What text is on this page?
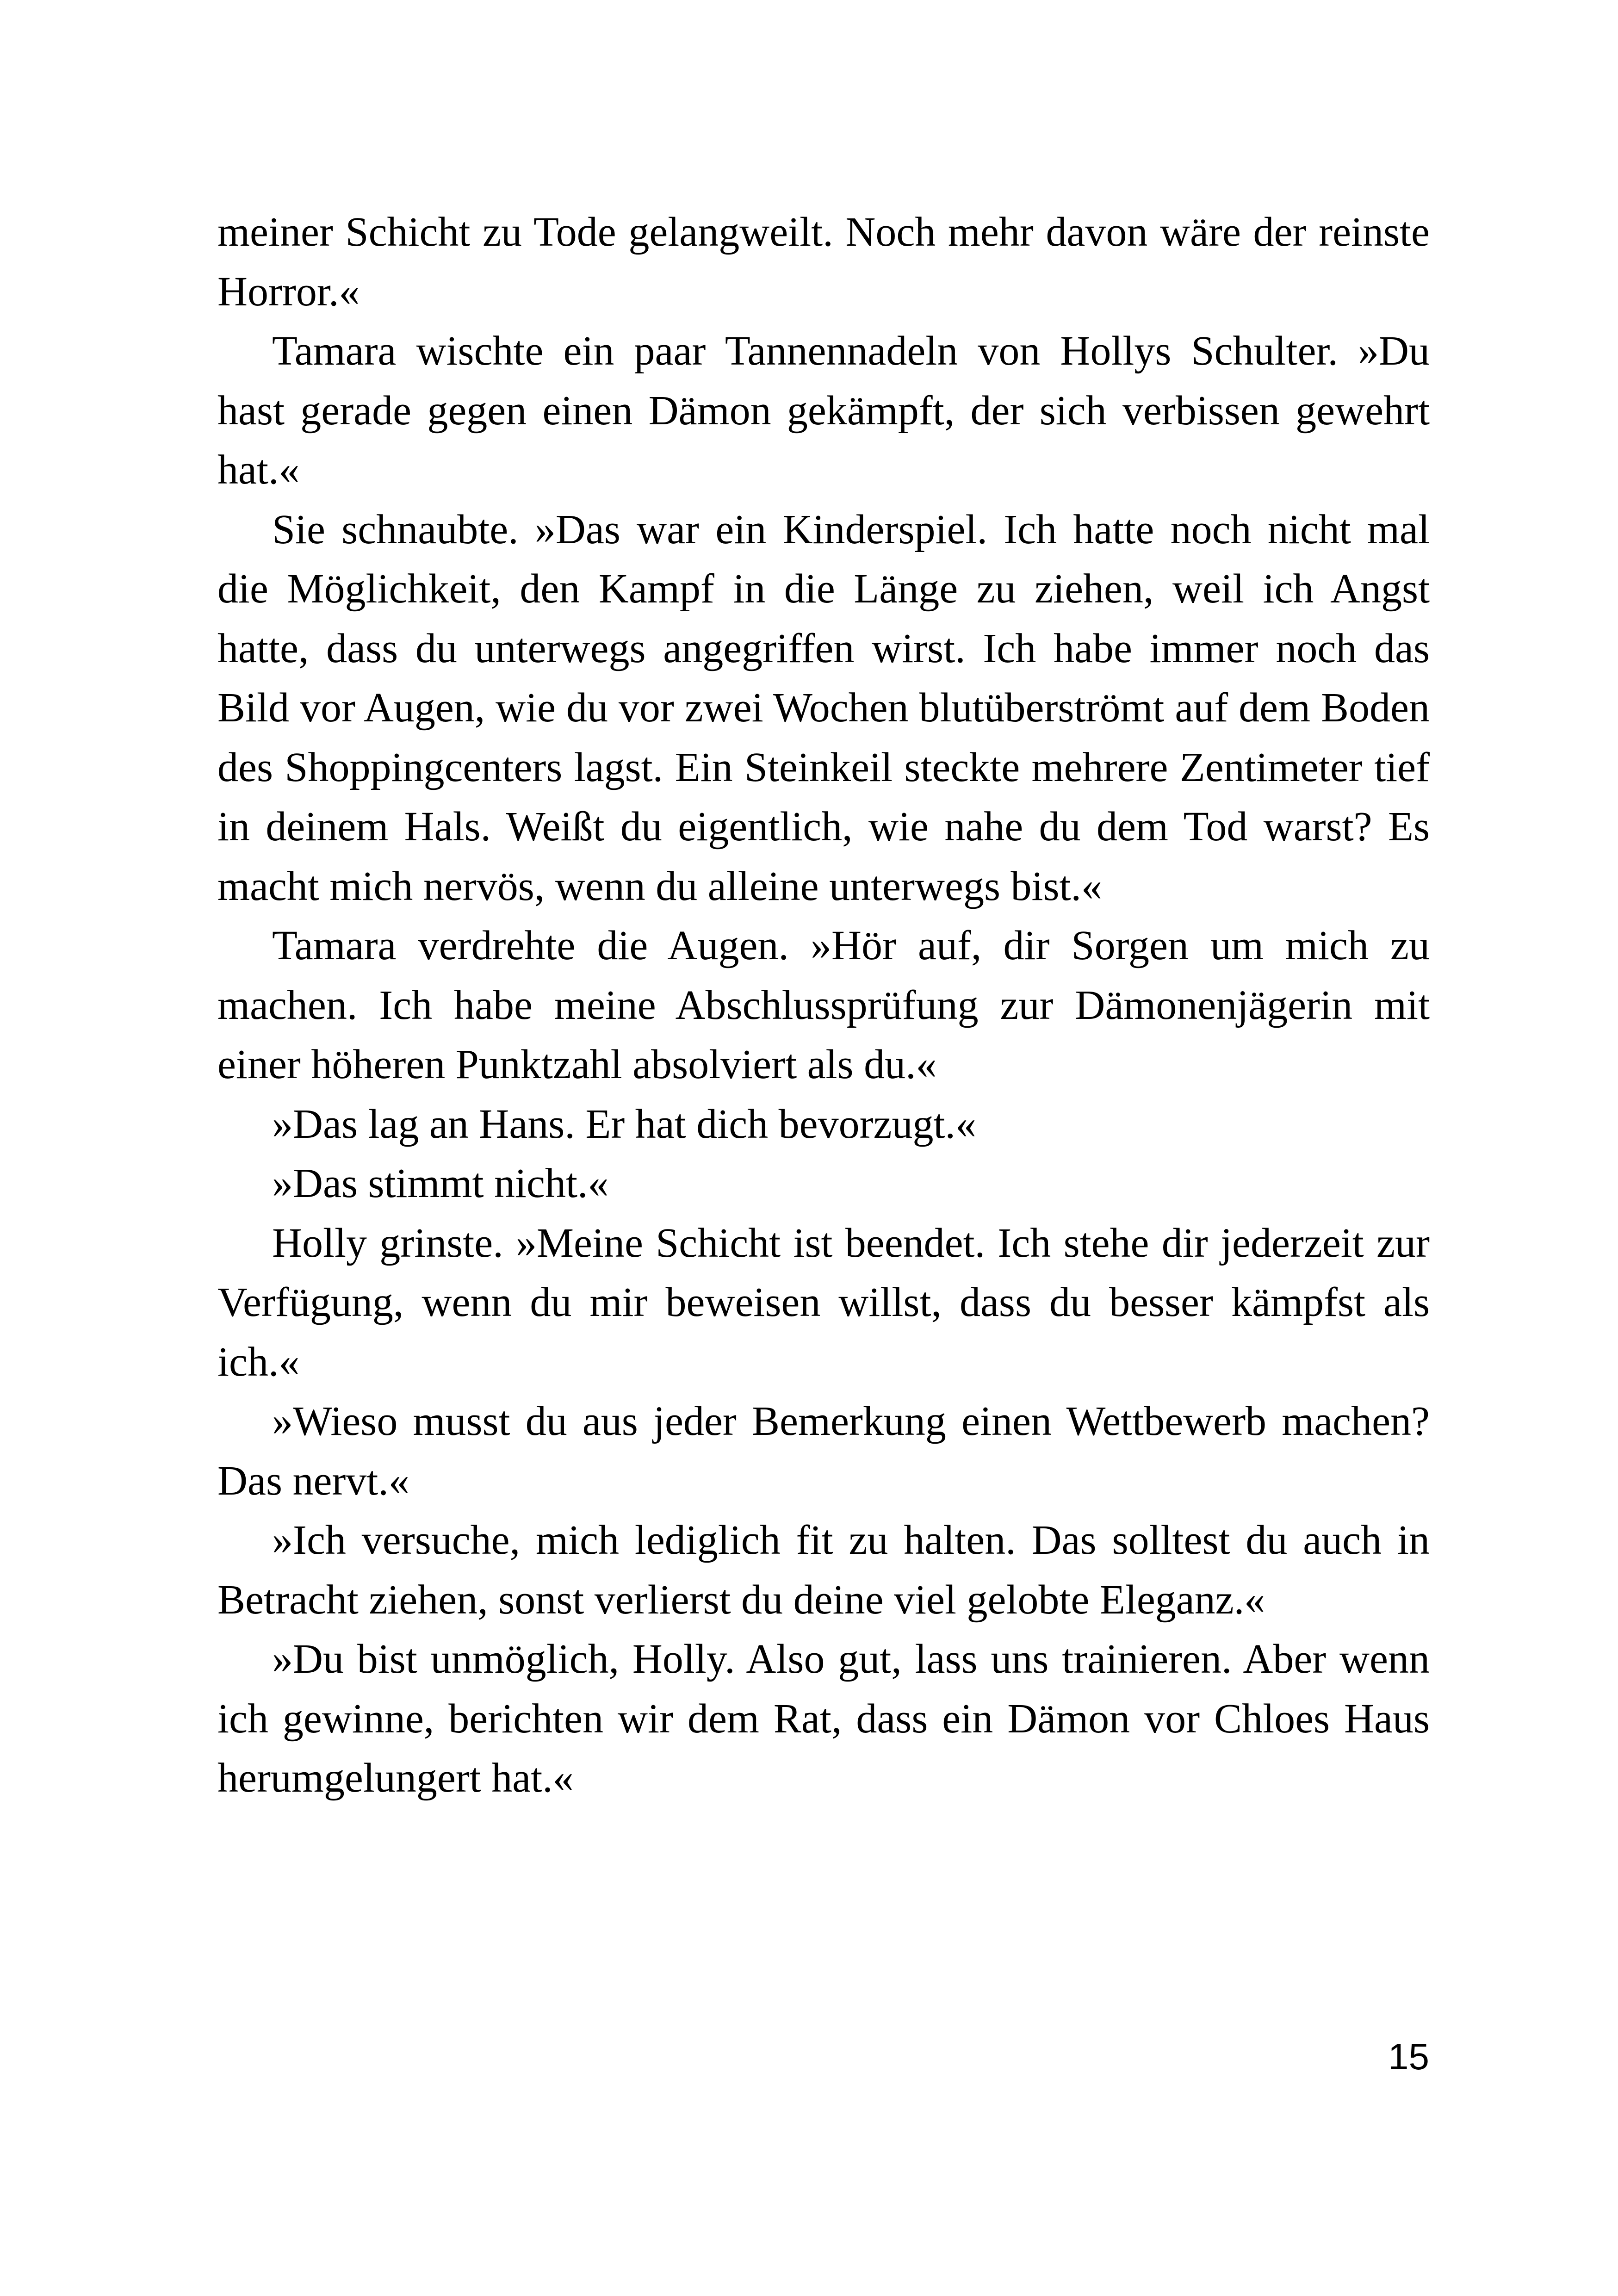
meiner Schicht zu Tode gelangweilt. Noch mehr davon wäre der reinste Horror.«

Tamara wischte ein paar Tannennadeln von Hollys Schulter. »Du hast gerade gegen einen Dämon gekämpft, der sich verbissen gewehrt hat.«

Sie schnaubte. »Das war ein Kinderspiel. Ich hatte noch nicht mal die Möglichkeit, den Kampf in die Länge zu ziehen, weil ich Angst hatte, dass du unterwegs angegriffen wirst. Ich habe immer noch das Bild vor Augen, wie du vor zwei Wochen blutüberströmt auf dem Boden des Shoppingcenters lagst. Ein Steinkeil steckte mehrere Zentimeter tief in deinem Hals. Weißt du eigentlich, wie nahe du dem Tod warst? Es macht mich nervös, wenn du alleine unterwegs bist.«

Tamara verdrehte die Augen. »Hör auf, dir Sorgen um mich zu machen. Ich habe meine Abschlussprüfung zur Dämonenjägerin mit einer höheren Punktzahl absolviert als du.«

»Das lag an Hans. Er hat dich bevorzugt.«

»Das stimmt nicht.«

Holly grinste. »Meine Schicht ist beendet. Ich stehe dir jederzeit zur Verfügung, wenn du mir beweisen willst, dass du besser kämpfst als ich.«

»Wieso musst du aus jeder Bemerkung einen Wettbewerb machen? Das nervt.«

»Ich versuche, mich lediglich fit zu halten. Das solltest du auch in Betracht ziehen, sonst verlierst du deine viel gelobte Eleganz.«

»Du bist unmöglich, Holly. Also gut, lass uns trainieren. Aber wenn ich gewinne, berichten wir dem Rat, dass ein Dämon vor Chloes Haus herumgelungert hat.«

15
